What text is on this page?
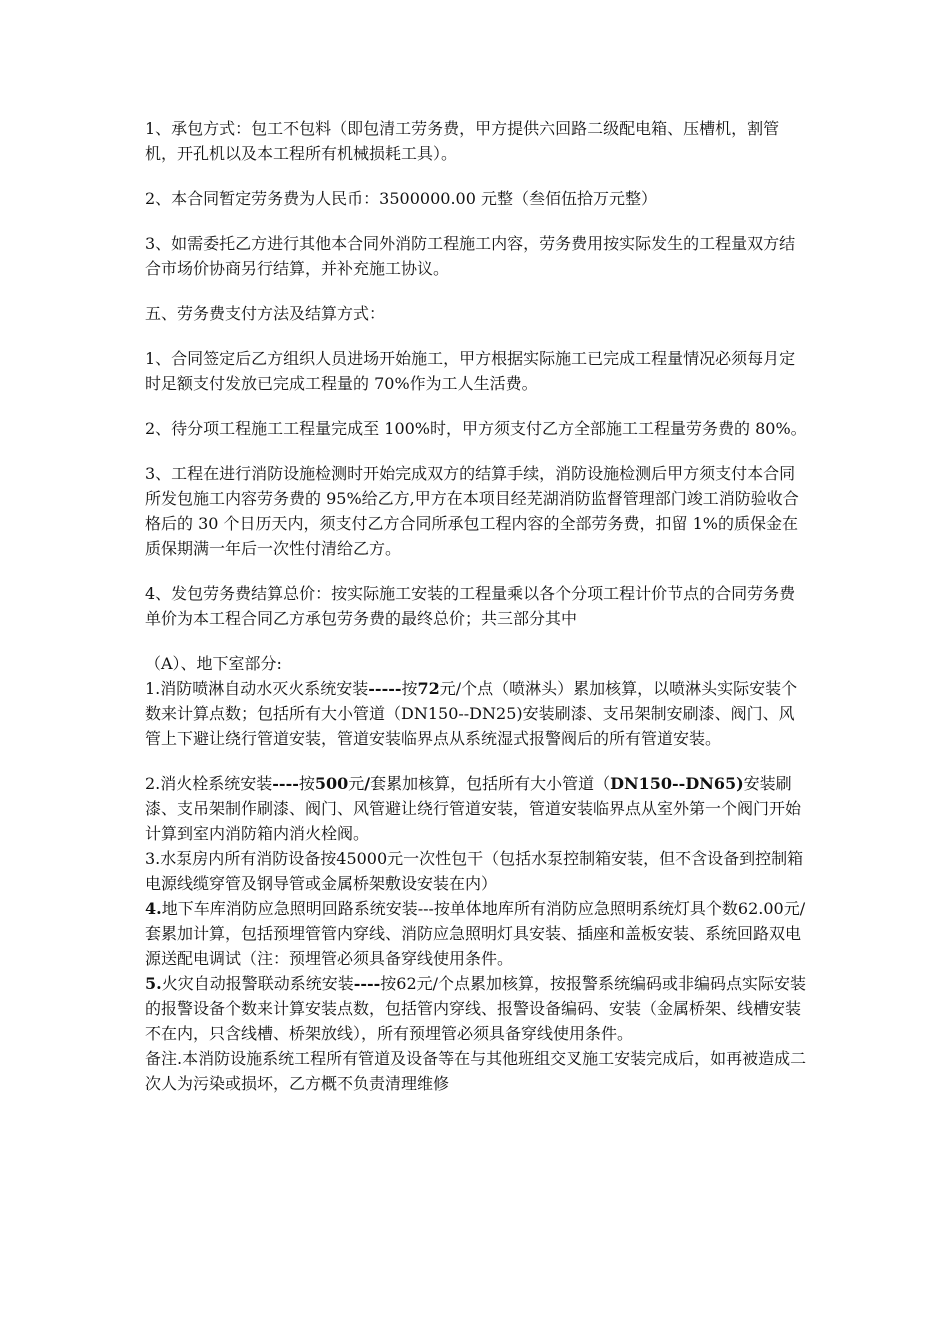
1、承包方式：包工不包料（即包清工劳务费，甲方提供六回路二级配电箱、压槽机，割管机，开孔机以及本工程所有机械损耗工具）。

2、本合同暂定劳务费为人民币：3500000.00 元整（叁佰伍拾万元整）

3、如需委托乙方进行其他本合同外消防工程施工内容，劳务费用按实际发生的工程量双方结合市场价协商另行结算，并补充施工协议。

五、劳务费支付方法及结算方式：

1、合同签定后乙方组织人员进场开始施工，甲方根据实际施工已完成工程量情况必须每月定时足额支付发放已完成工程量的 70%作为工人生活费。

2、待分项工程施工工程量完成至 100%时，甲方须支付乙方全部施工工程量劳务费的 80%。

3、工程在进行消防设施检测时开始完成双方的结算手续，消防设施检测后甲方须支付本合同所发包施工内容劳务费的 95%给乙方,甲方在本项目经芜湖消防监督管理部门竣工消防验收合格后的 30 个日历天内，须支付乙方合同所承包工程内容的全部劳务费，扣留 1%的质保金在质保期满一年后一次性付清给乙方。

4、发包劳务费结算总价：按实际施工安装的工程量乘以各个分项工程计价节点的合同劳务费单价为本工程合同乙方承包劳务费的最终总价；共三部分其中

（A）、地下室部分:

1.消防喷淋自动水灭火系统安装-----按72元/个点（喷淋头）累加核算，以喷淋头实际安装个数来计算点数；包括所有大小管道（DN150--DN25)安装刷漆、支吊架制安刷漆、阀门、风管上下避让绕行管道安装，管道安装临界点从系统湿式报警阀后的所有管道安装。

2.消火栓系统安装----按500元/套累加核算，包括所有大小管道（DN150--DN65)安装刷漆、支吊架制作刷漆、阀门、风管避让绕行管道安装，管道安装临界点从室外第一个阀门开始计算到室内消防箱内消火栓阀。

3.水泵房内所有消防设备按45000元一次性包干（包括水泵控制箱安装，但不含设备到控制箱电源线缆穿管及钢导管或金属桥架敷设安装在内）

4.地下车库消防应急照明回路系统安装---按单体地库所有消防应急照明系统灯具个数62.00元/套累加计算，包括预埋管管内穿线、消防应急照明灯具安装、插座和盖板安装、系统回路双电源送配电调试（注：预埋管必须具备穿线使用条件。

5.火灾自动报警联动系统安装----按62元/个点累加核算，按报警系统编码或非编码点实际安装的报警设备个数来计算安装点数，包括管内穿线、报警设备编码、安装（金属桥架、线槽安装不在内，只含线槽、桥架放线），所有预埋管必须具备穿线使用条件。

备注.本消防设施系统工程所有管道及设备等在与其他班组交叉施工安装完成后，如再被造成二次人为污染或损坏，乙方概不负责清理维修
